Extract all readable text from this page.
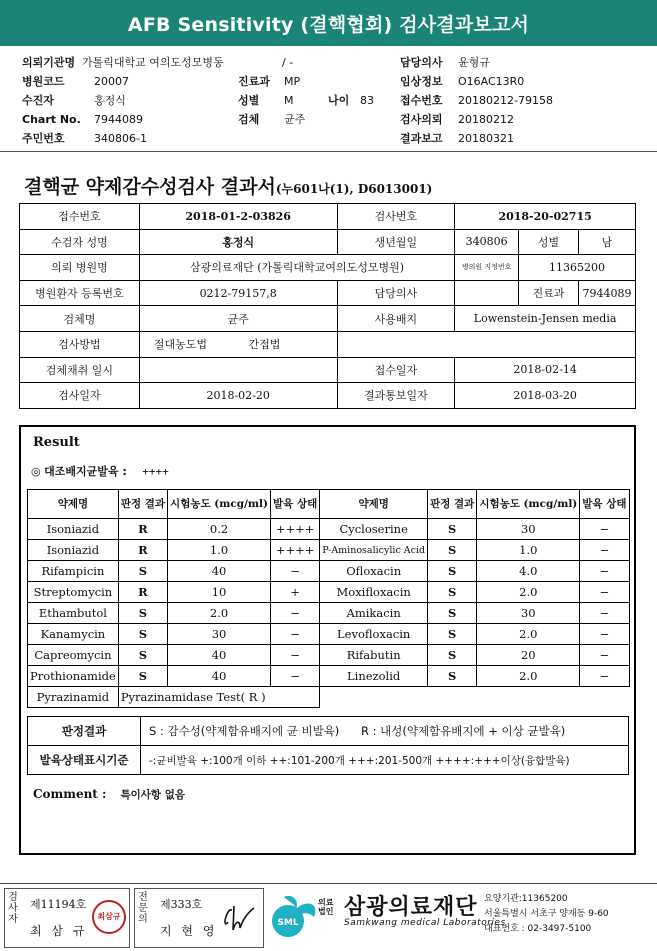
AFB Sensitivity (결핵협회) 검사결과보고서
의뢰기관명 가톨릭대학교 여의도성모병동	/ -	담당의사 윤형규
병원코드	20007	진료과 MP	임상정보 O16AC13R0
수진자	홍정식	성별 M	나이 83 접수번호 20180212-79158
Chart No. 7944089	검체 균주	검사의뢰 20180212
주민번호	340806-1	결과보고 20180321
결핵균 약제감수성검사 결과서(누601나(1), D6013001)
접수번호	2018-01-2-03826	검사번호	2018-20-02715		
수검자 성명	홍정식	생년월일	340806	성별	남
의뢰 병원명	삼광의료재단 (가톨릭대학교여의도성모병원)		병의원 지정번호	11365200	
병원환자 등록번호	0212-79157,8	담당의사		진료과	7944089
검체명	균주	사용배지	Lowenstein-Jensen media		
검사방법	절대농도법 간접법				
검체채취 일시		접수일자	2018-02-14		
검사일자	2018-02-20	결과통보일자	2018-03-20		
Result
◎ 대조배지균발육 : ++++
약제명	판정 결과	시험농도 (mcg/ml)	발육 상태	약제명	판정 결과	시험농도 (mcg/ml)	발육 상태
Isoniazid	R	0.2	++++	Cycloserine	S	30	−
Isoniazid	R	1.0	++++	P-Aminosalicylic Acid	S	1.0	−
Rifampicin	S	40	−	Ofloxacin	S	4.0	−
Streptomycin	R	10	+	Moxifloxacin	S	2.0	−
Ethambutol	S	2.0	−	Amikacin	S	30	−
Kanamycin	S	30	−	Levofloxacin	S	2.0	−
Capreomycin	S	40	−	Rifabutin	S	20	−
Prothionamide	S	40	−	Linezolid	S	2.0	−
Pyrazinamid	Pyrazinamidase Test( R )						
판정결과	S : 감수성(약제함유배지에 균 비발육) R : 내성(약제함유배지에 + 이상 균발육)
발육상태표시기준	-:균비발육 +:100개 이하 ++:101-200개 +++:201-500개 ++++:+++이상(융합발육)
Comment : 특이사항 없음
검사자
제11194호
최 삼 규
최삼규
전문의
제333호
지 현 영
SML
의료 법인 삼광의료재단
Samkwang medical Laboratories
요양기관:11365200
서울특별시 서초구 양재동 9-60
대표번호 : 02-3497-5100
